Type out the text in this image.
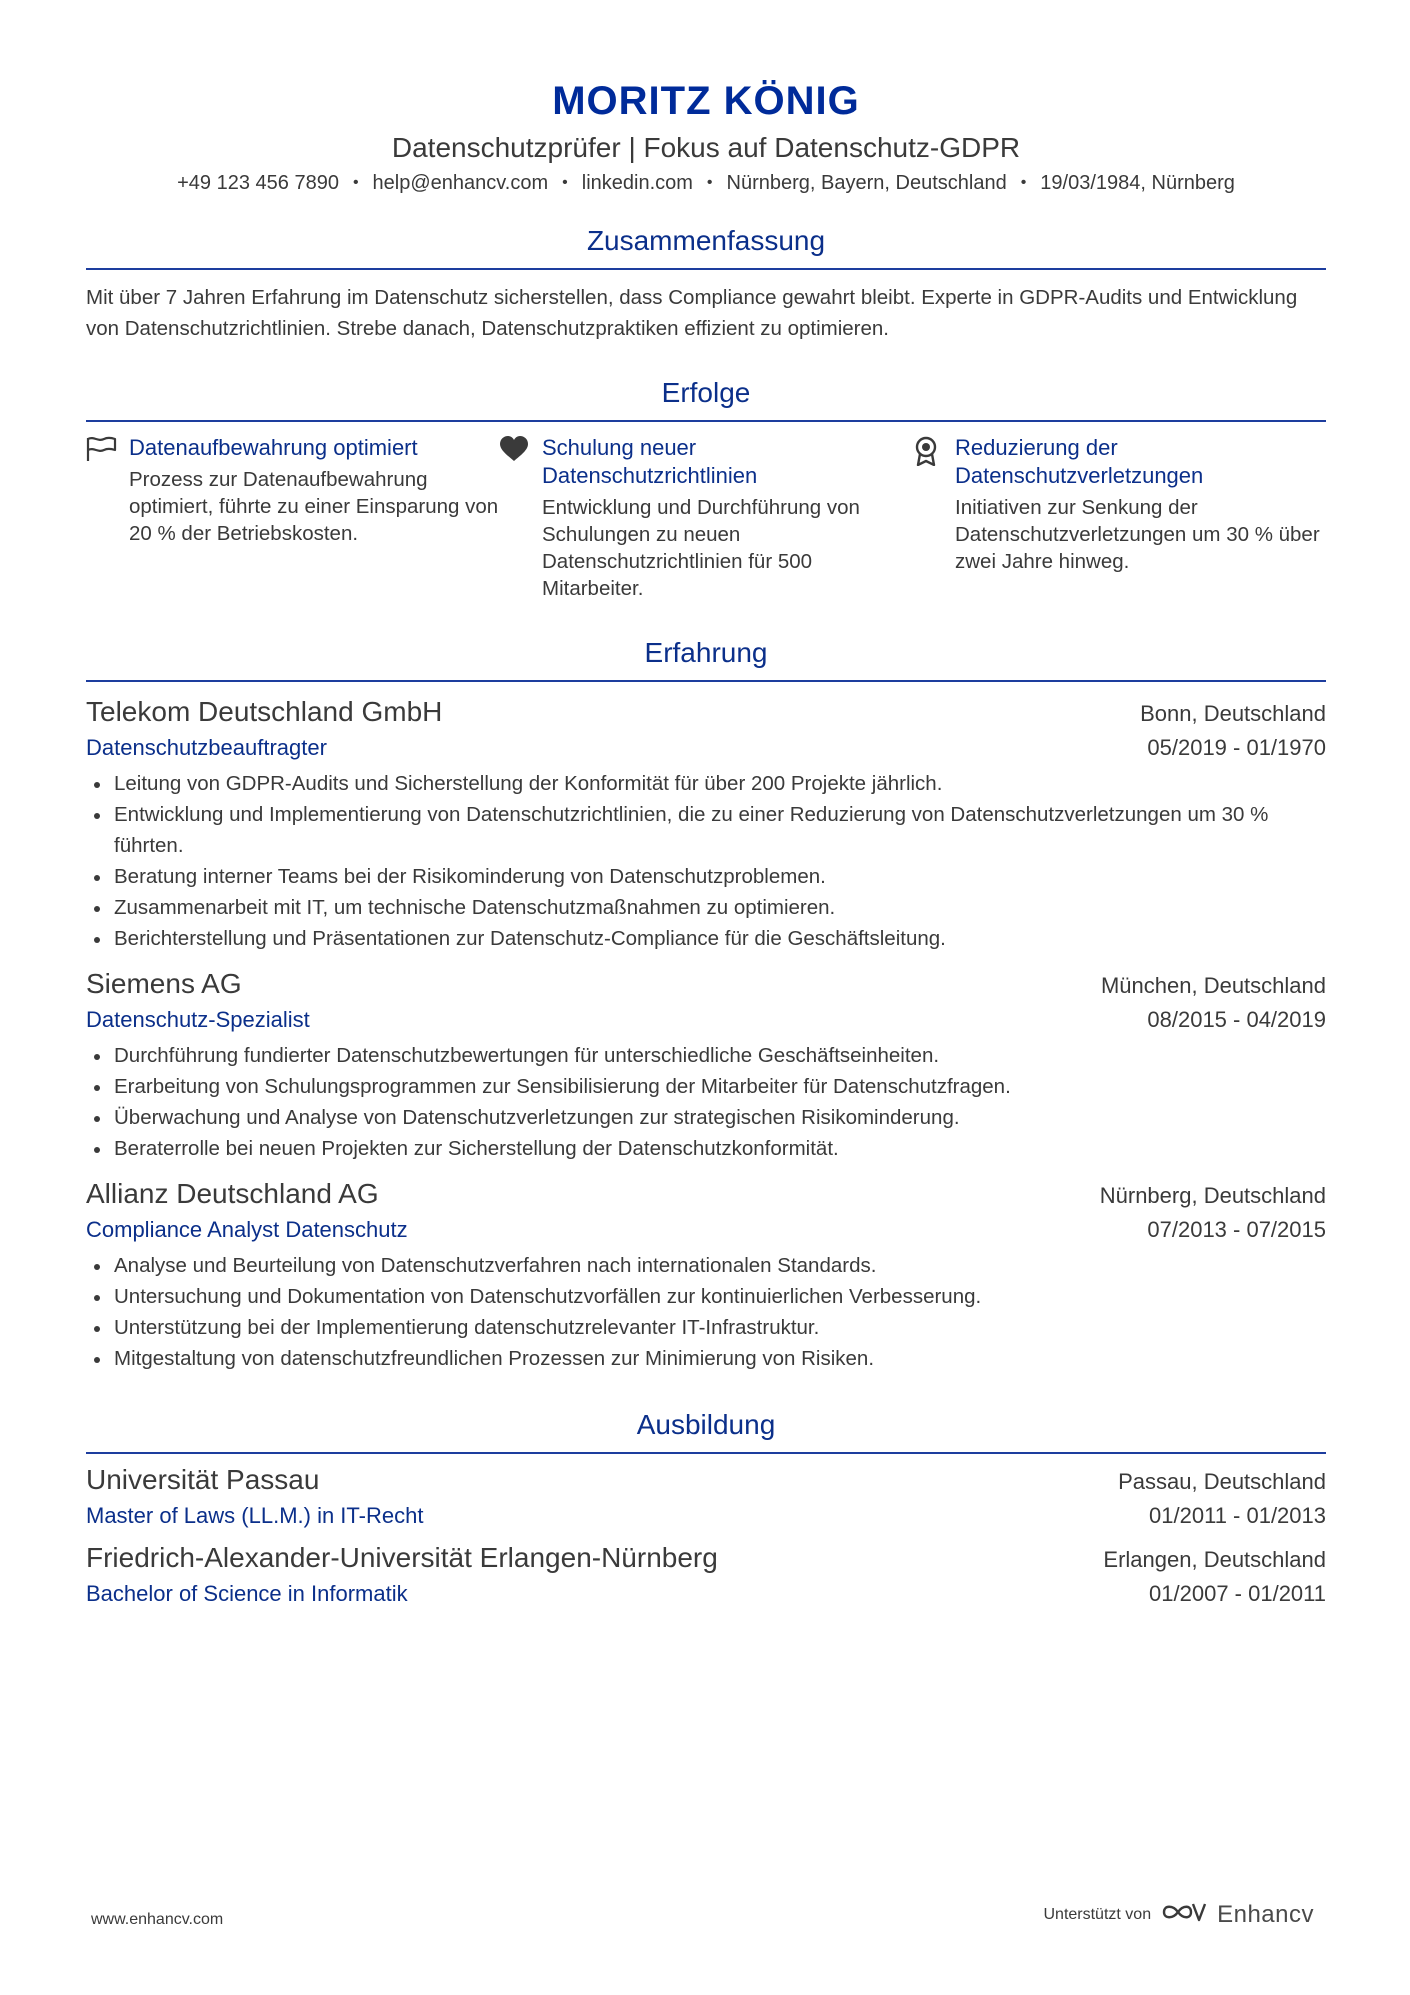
MORITZ KÖNIG
Datenschutzprüfer | Fokus auf Datenschutz-GDPR
+49 123 456 7890 • help@enhancv.com • linkedin.com • Nürnberg, Bayern, Deutschland • 19/03/1984, Nürnberg
Zusammenfassung
Mit über 7 Jahren Erfahrung im Datenschutz sicherstellen, dass Compliance gewahrt bleibt. Experte in GDPR-Audits und Entwicklung von Datenschutzrichtlinien. Strebe danach, Datenschutzpraktiken effizient zu optimieren.
Erfolge
Datenaufbewahrung optimiert
Prozess zur Datenaufbewahrung optimiert, führte zu einer Einsparung von 20 % der Betriebskosten.
Schulung neuer Datenschutzrichtlinien
Entwicklung und Durchführung von Schulungen zu neuen Datenschutzrichtlinien für 500 Mitarbeiter.
Reduzierung der Datenschutzverletzungen
Initiativen zur Senkung der Datenschutzverletzungen um 30 % über zwei Jahre hinweg.
Erfahrung
Telekom Deutschland GmbH	Bonn, Deutschland
Datenschutzbeauftragter	05/2019 - 01/1970
Leitung von GDPR-Audits und Sicherstellung der Konformität für über 200 Projekte jährlich.
Entwicklung und Implementierung von Datenschutzrichtlinien, die zu einer Reduzierung von Datenschutzverletzungen um 30 % führten.
Beratung interner Teams bei der Risikominderung von Datenschutzproblemen.
Zusammenarbeit mit IT, um technische Datenschutzmaßnahmen zu optimieren.
Berichterstellung und Präsentationen zur Datenschutz-Compliance für die Geschäftsleitung.
Siemens AG	München, Deutschland
Datenschutz-Spezialist	08/2015 - 04/2019
Durchführung fundierter Datenschutzbewertungen für unterschiedliche Geschäftseinheiten.
Erarbeitung von Schulungsprogrammen zur Sensibilisierung der Mitarbeiter für Datenschutzfragen.
Überwachung und Analyse von Datenschutzverletzungen zur strategischen Risikominderung.
Beraterrolle bei neuen Projekten zur Sicherstellung der Datenschutzkonformität.
Allianz Deutschland AG	Nürnberg, Deutschland
Compliance Analyst Datenschutz	07/2013 - 07/2015
Analyse und Beurteilung von Datenschutzverfahren nach internationalen Standards.
Untersuchung und Dokumentation von Datenschutzvorfällen zur kontinuierlichen Verbesserung.
Unterstützung bei der Implementierung datenschutzrelevanter IT-Infrastruktur.
Mitgestaltung von datenschutzfreundlichen Prozessen zur Minimierung von Risiken.
Ausbildung
Universität Passau	Passau, Deutschland
Master of Laws (LL.M.) in IT-Recht	01/2011 - 01/2013
Friedrich-Alexander-Universität Erlangen-Nürnberg	Erlangen, Deutschland
Bachelor of Science in Informatik	01/2007 - 01/2011
www.enhancv.com	Unterstützt von	Enhancv
